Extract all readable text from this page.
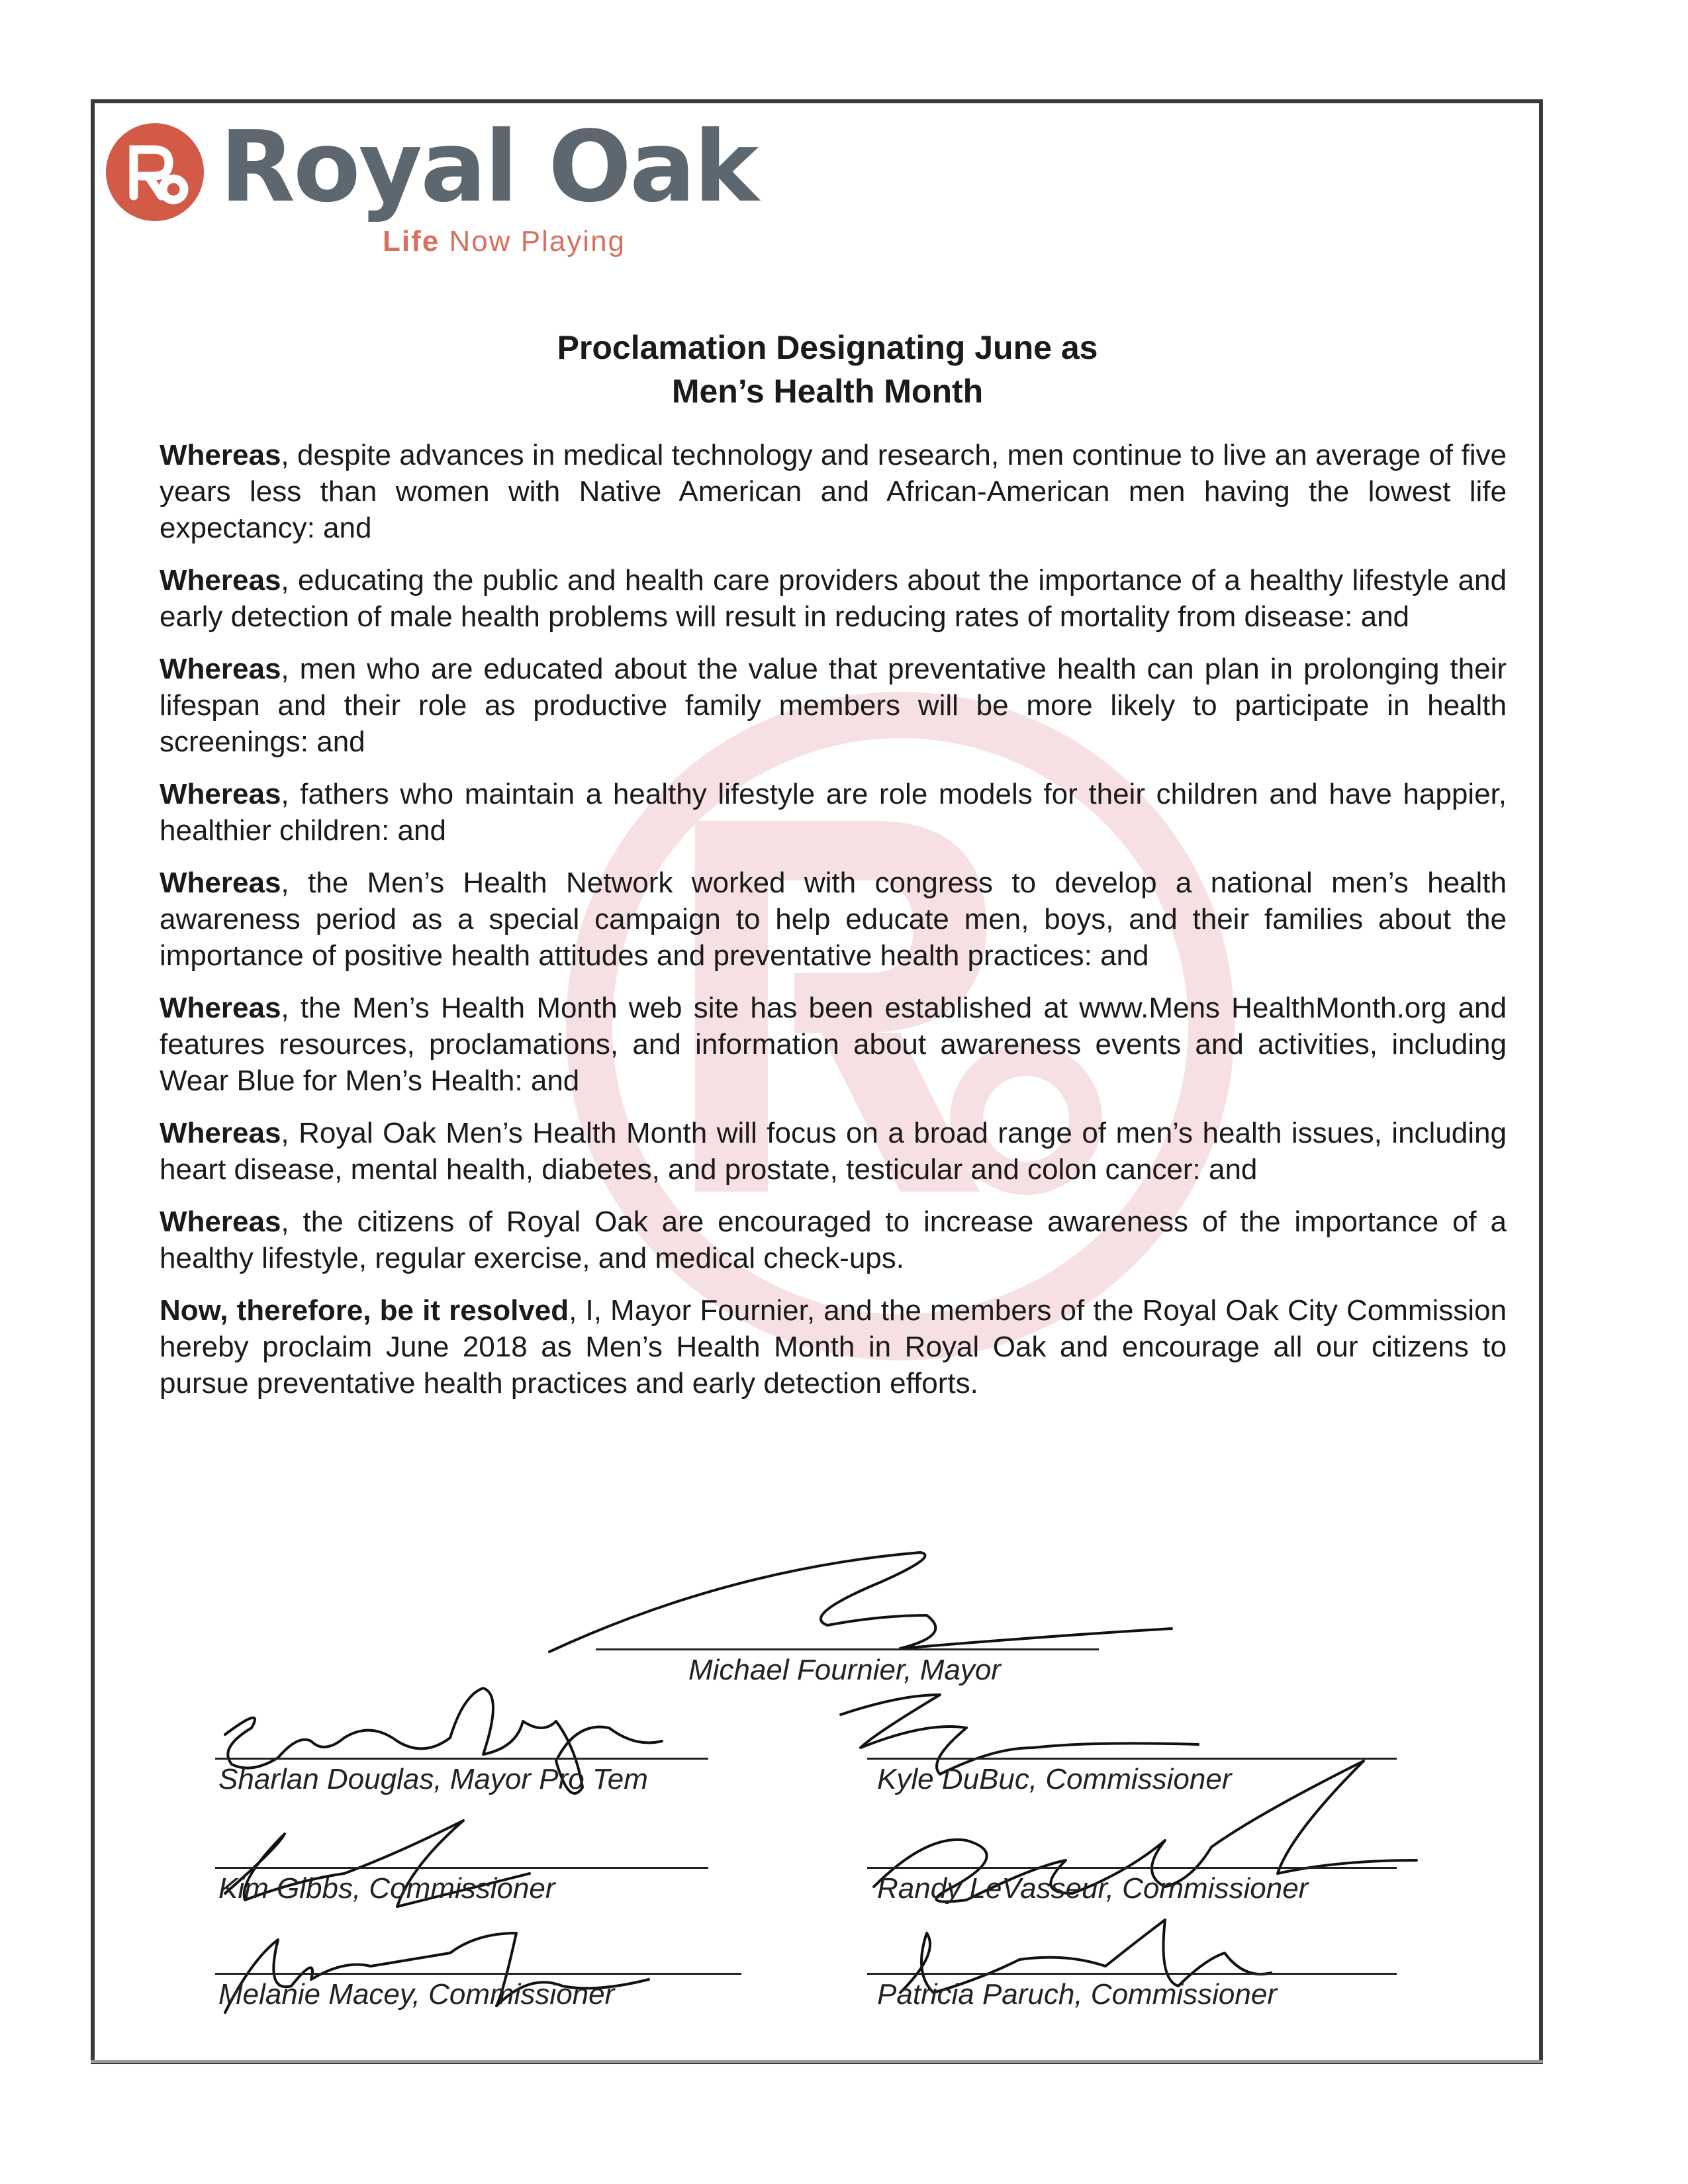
Royal Oak
Life Now Playing
Proclamation Designating June as
Men’s Health Month

Whereas, despite advances in medical technology and research, men continue to live an average of five years less than women with Native American and African-American men having the lowest life expectancy: and

Whereas, educating the public and health care providers about the importance of a healthy lifestyle and early detection of male health problems will result in reducing rates of mortality from disease: and

Whereas, men who are educated about the value that preventative health can plan in prolonging their lifespan and their role as productive family members will be more likely to participate in health screenings: and

Whereas, fathers who maintain a healthy lifestyle are role models for their children and have happier, healthier children: and

Whereas, the Men’s Health Network worked with congress to develop a national men’s health awareness period as a special campaign to help educate men, boys, and their families about the importance of positive health attitudes and preventative health practices: and

Whereas, the Men’s Health Month web site has been established at www.Mens HealthMonth.org and features resources, proclamations, and information about awareness events and activities, including Wear Blue for Men’s Health: and

Whereas, Royal Oak Men’s Health Month will focus on a broad range of men’s health issues, including heart disease, mental health, diabetes, and prostate, testicular and colon cancer: and

Whereas, the citizens of Royal Oak are encouraged to increase awareness of the importance of a healthy lifestyle, regular exercise, and medical check-ups.

Now, therefore, be it resolved, I, Mayor Fournier, and the members of the Royal Oak City Commission hereby proclaim June 2018 as Men’s Health Month in Royal Oak and encourage all our citizens to pursue preventative health practices and early detection efforts.

Michael Fournier, Mayor
Sharlan Douglas, Mayor Pro Tem	Kyle DuBuc, Commissioner
Kim Gibbs, Commissioner	Randy LeVasseur, Commissioner
Melanie Macey, Commissioner	Patricia Paruch, Commissioner
